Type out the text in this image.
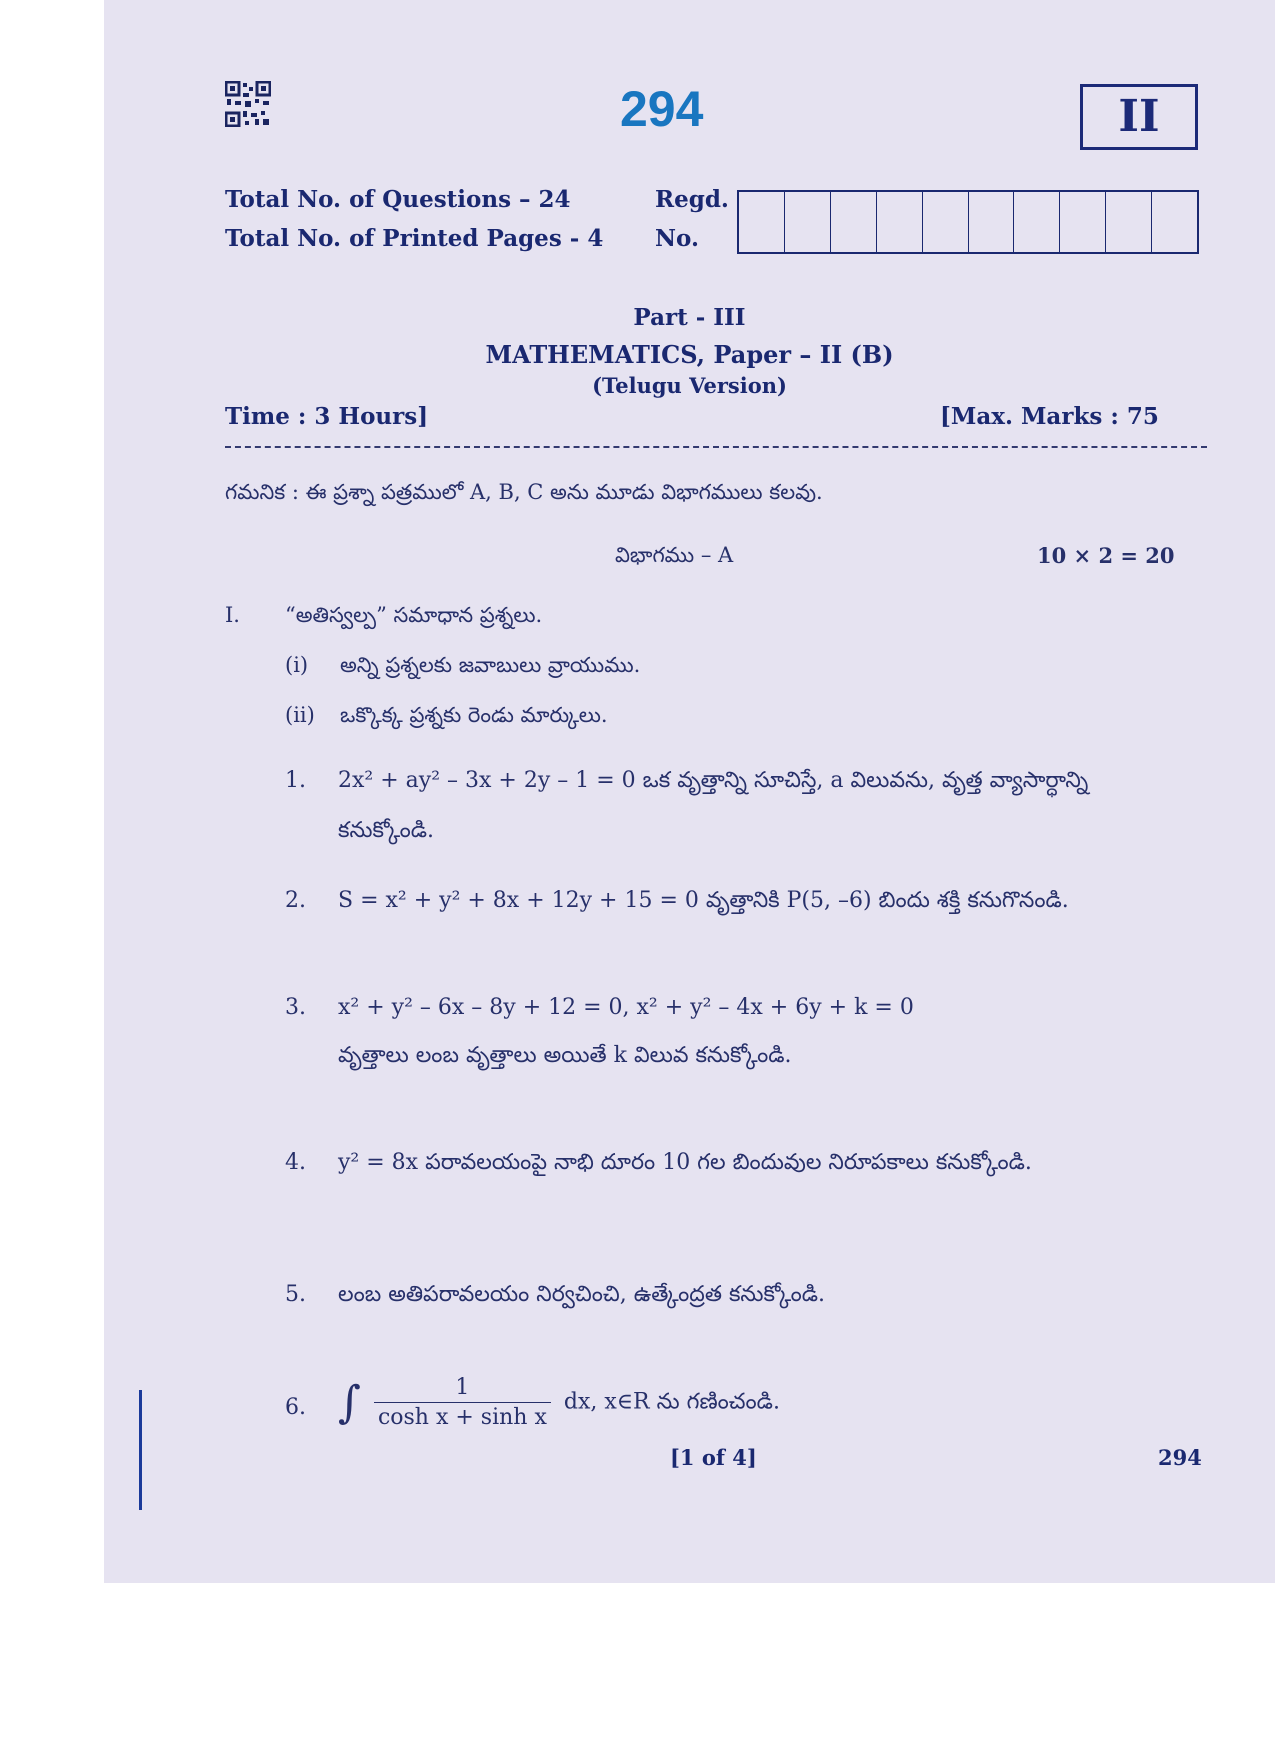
294	II
Total No. of Questions – 24
Total No. of Printed Pages - 4
Regd.
No.
Part - III
MATHEMATICS, Paper – II (B)
(Telugu Version)
Time : 3 Hours]	[Max. Marks : 75
గమనిక : ఈ ప్రశ్నా పత్రములో A, B, C అను మూడు విభాగములు కలవు.
విభాగము – A	10 × 2 = 20
I. “అతిస్వల్ప” సమాధాన ప్రశ్నలు.
(i) అన్ని ప్రశ్నలకు జవాబులు వ్రాయుము.
(ii) ఒక్కొక్క ప్రశ్నకు రెండు మార్కులు.
1. 2x² + ay² – 3x + 2y – 1 = 0 ఒక వృత్తాన్ని సూచిస్తే, a విలువను, వృత్త వ్యాసార్ధాన్ని
కనుక్కోండి.
2. S = x² + y² + 8x + 12y + 15 = 0 వృత్తానికి P(5, –6) బిందు శక్తి కనుగొనండి.
3. x² + y² – 6x – 8y + 12 = 0, x² + y² – 4x + 6y + k = 0
వృత్తాలు లంబ వృత్తాలు అయితే k విలువ కనుక్కోండి.
4. y² = 8x పరావలయంపై నాభి దూరం 10 గల బిందువుల నిరూపకాలు కనుక్కోండి.
5. లంబ అతిపరావలయం నిర్వచించి, ఉత్కేంద్రత కనుక్కోండి.
6. ∫ $\frac{1}{\text{cosh x + sinh x}}$ dx, x∈R ను గణించండి.
[1 of 4]	294
